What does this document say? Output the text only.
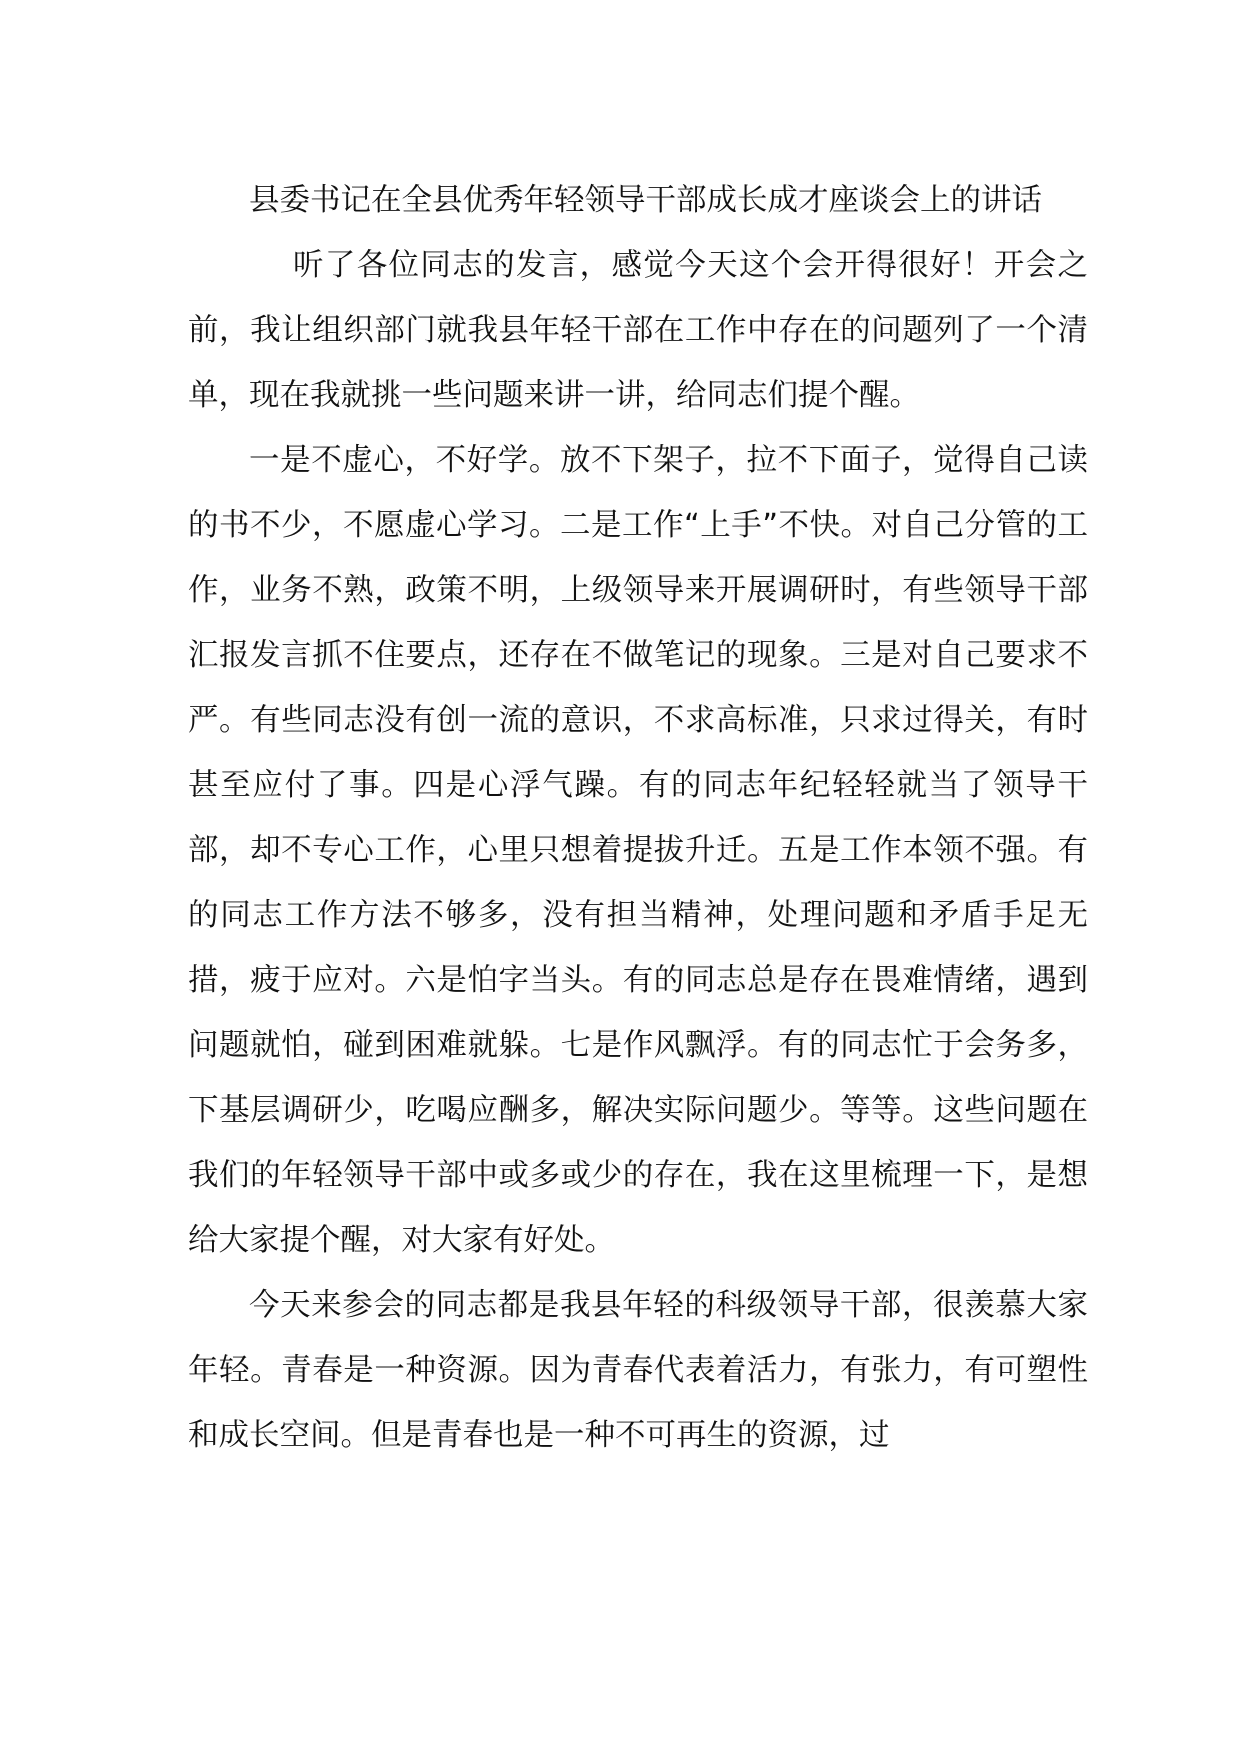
县委书记在全县优秀年轻领导干部成长成才座谈会上的讲话

听了各位同志的发言，感觉今天这个会开得很好！开会之前，我让组织部门就我县年轻干部在工作中存在的问题列了一个清单，现在我就挑一些问题来讲一讲，给同志们提个醒。

一是不虚心，不好学。放不下架子，拉不下面子，觉得自己读的书不少，不愿虚心学习。二是工作“上手”不快。对自己分管的工作，业务不熟，政策不明，上级领导来开展调研时，有些领导干部汇报发言抓不住要点，还存在不做笔记的现象。三是对自己要求不严。有些同志没有创一流的意识，不求高标准，只求过得关，有时甚至应付了事。四是心浮气躁。有的同志年纪轻轻就当了领导干部，却不专心工作，心里只想着提拔升迁。五是工作本领不强。有的同志工作方法不够多，没有担当精神，处理问题和矛盾手足无措，疲于应对。六是怕字当头。有的同志总是存在畏难情绪，遇到问题就怕，碰到困难就躲。七是作风飘浮。有的同志忙于会务多，下基层调研少，吃喝应酬多，解决实际问题少。等等。这些问题在我们的年轻领导干部中或多或少的存在，我在这里梳理一下，是想给大家提个醒，对大家有好处。

今天来参会的同志都是我县年轻的科级领导干部，很羡慕大家年轻。青春是一种资源。因为青春代表着活力，有张力，有可塑性和成长空间。但是青春也是一种不可再生的资源，过
